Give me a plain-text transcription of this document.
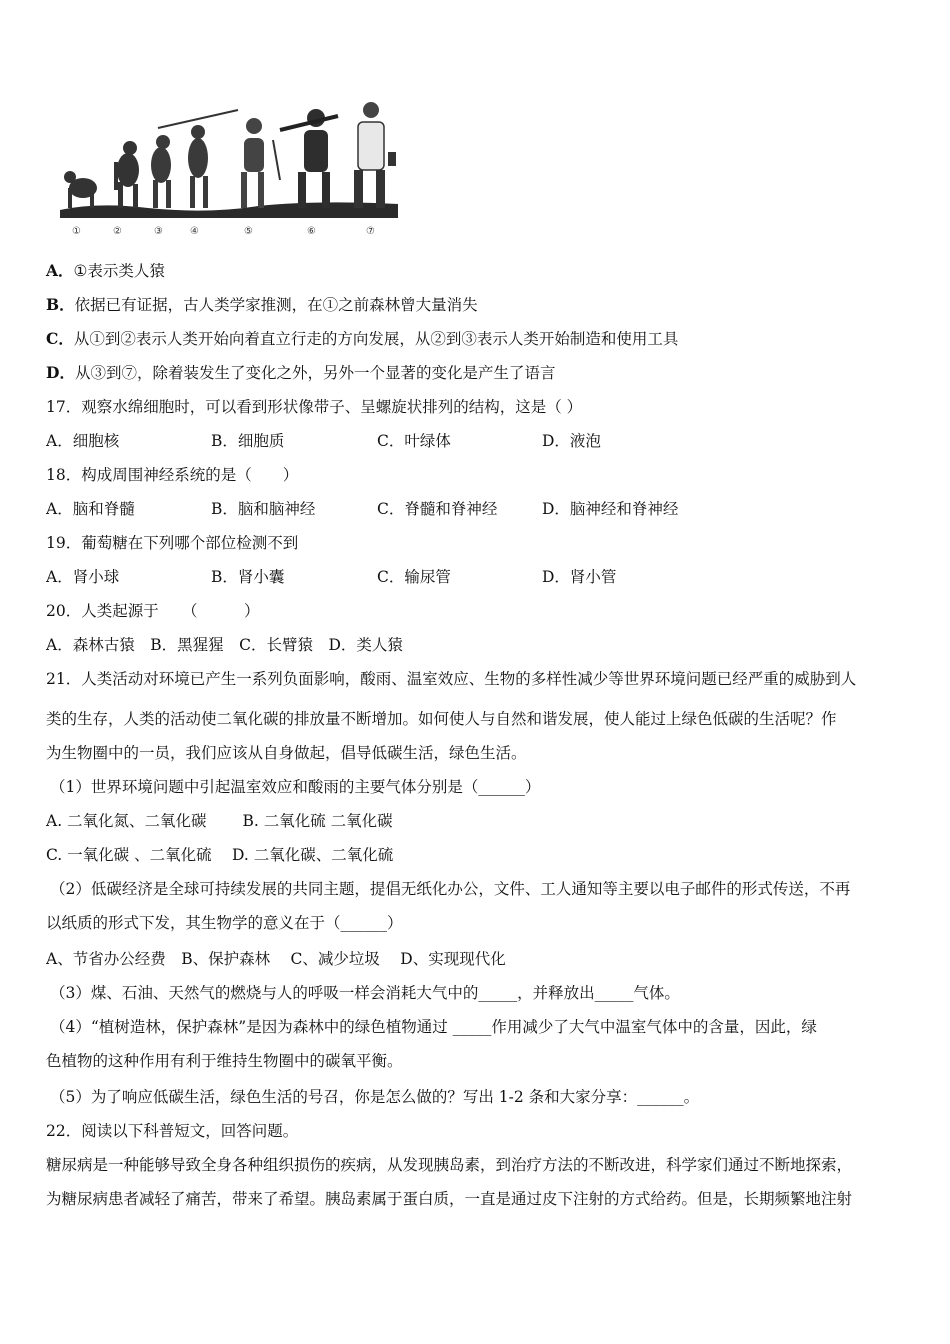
①	②	③	④	⑤	⑥	⑦
A．①表示类人猿
B．依据已有证据，古人类学家推测，在①之前森林曾大量消失
C．从①到②表示人类开始向着直立行走的方向发展，从②到③表示人类开始制造和使用工具
D．从③到⑦，除着装发生了变化之外，另外一个显著的变化是产生了语言
17．观察水绵细胞时，可以看到形状像带子、呈螺旋状排列的结构，这是（ ）
A．细胞核	B．细胞质	C．叶绿体	D．液泡
18．构成周围神经系统的是（　　）
A．脑和脊髓	B．脑和脑神经	C．脊髓和脊神经	D．脑神经和脊神经
19．葡萄糖在下列哪个部位检测不到
A．肾小球	B．肾小囊	C．输尿管	D．肾小管
20．人类起源于　　（　　　）
A．森林古猿　B．黑猩猩　C．长臂猿　D．类人猿
21．人类活动对环境已产生一系列负面影响，酸雨、温室效应、生物的多样性减少等世界环境问题已经严重的威胁到人
类的生存，人类的活动使二氧化碳的排放量不断增加。如何使人与自然和谐发展，使人能过上绿色低碳的生活呢？作
为生物圈中的一员，我们应该从自身做起，倡导低碳生活，绿色生活。
（1）世界环境问题中引起温室效应和酸雨的主要气体分别是（______）
A. 二氧化氮、二氧化碳　　 B. 二氧化硫 二氧化碳
C. 一氧化碳 、二氧化硫　 D. 二氧化碳、二氧化硫
（2）低碳经济是全球可持续发展的共同主题，提倡无纸化办公，文件、工人通知等主要以电子邮件的形式传送，不再
以纸质的形式下发，其生物学的意义在于（______）
A、节省办公经费　B、保护森林　 C、减少垃圾　 D、实现现代化
（3）煤、石油、天然气的燃烧与人的呼吸一样会消耗大气中的_____，并释放出_____气体。
（4）“植树造林，保护森林”是因为森林中的绿色植物通过 _____作用减少了大气中温室气体中的含量，因此，绿
色植物的这种作用有利于维持生物圈中的碳氧平衡。
（5）为了响应低碳生活，绿色生活的号召，你是怎么做的？写出 1-2 条和大家分享：______。
22．阅读以下科普短文，回答问题。
糖尿病是一种能够导致全身各种组织损伤的疾病，从发现胰岛素，到治疗方法的不断改进，科学家们通过不断地探索，
为糖尿病患者减轻了痛苦，带来了希望。胰岛素属于蛋白质，一直是通过皮下注射的方式给药。但是，长期频繁地注射
